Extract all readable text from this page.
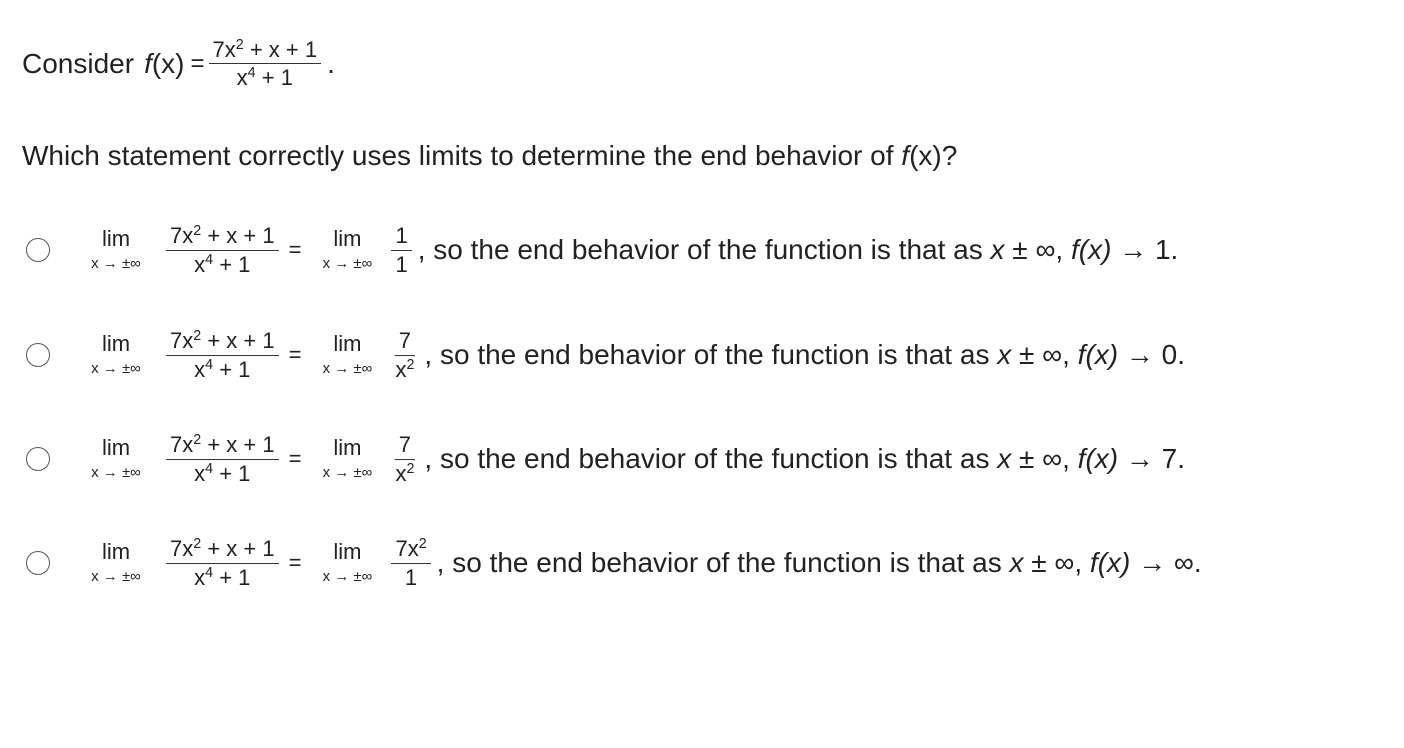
Consider $f(x) = \frac{7x^2 + x + 1}{x^4 + 1}$ .
Which statement correctly uses limits to determine the end behavior of f(x)?
lim
x → ±∞ $\frac{7x^2 + x + 1}{x^4 + 1} = \lim$
x → ±∞ $\frac{1}{1}$ , so the end behavior of the function is that as x ± ∞, f(x) → 1.
lim
x → ±∞ $\frac{7x^2 + x + 1}{x^4 + 1} = \lim$
x → ±∞ $\frac{7}{x^2}$ , so the end behavior of the function is that as x ± ∞, f(x) → 0.
lim
x → ±∞ $\frac{7x^2 + x + 1}{x^4 + 1} = \lim$
x → ±∞ $\frac{7}{x^2}$ , so the end behavior of the function is that as x ± ∞, f(x) → 7.
lim
x → ±∞ $\frac{7x^2 + x + 1}{x^4 + 1} = \lim$
x → ±∞ $\frac{7x^2}{1}$ , so the end behavior of the function is that as x ± ∞, f(x) → ∞.
